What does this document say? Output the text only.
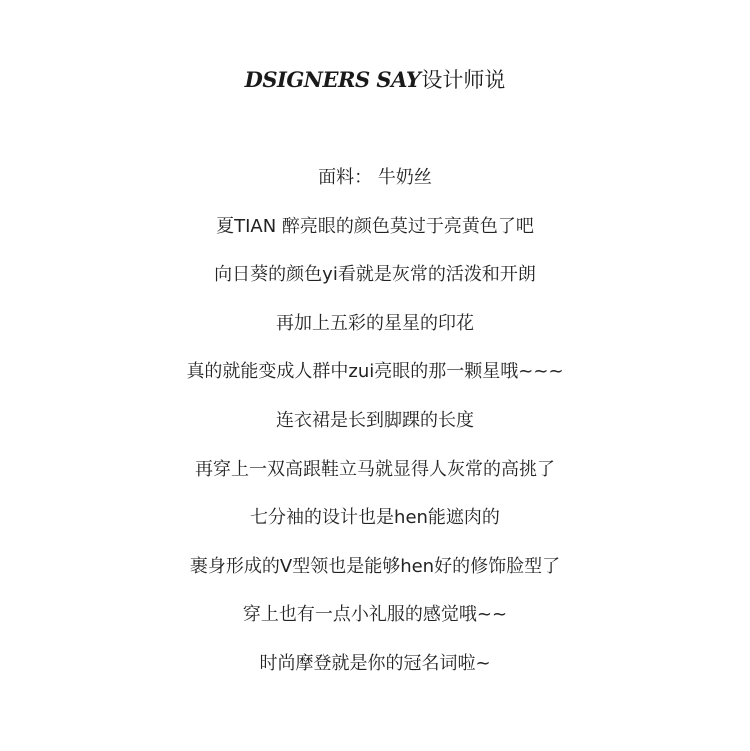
DSIGNERS SAY设计师说
面料： 牛奶丝
夏TIAN 醉亮眼的颜色莫过于亮黄色了吧
向日葵的颜色yi看就是灰常的活泼和开朗
再加上五彩的星星的印花
真的就能变成人群中zui亮眼的那一颗星哦~~~
连衣裙是长到脚踝的长度
再穿上一双高跟鞋立马就显得人灰常的高挑了
七分袖的设计也是hen能遮肉的
裹身形成的V型领也是能够hen好的修饰脸型了
穿上也有一点小礼服的感觉哦~~
时尚摩登就是你的冠名词啦~
